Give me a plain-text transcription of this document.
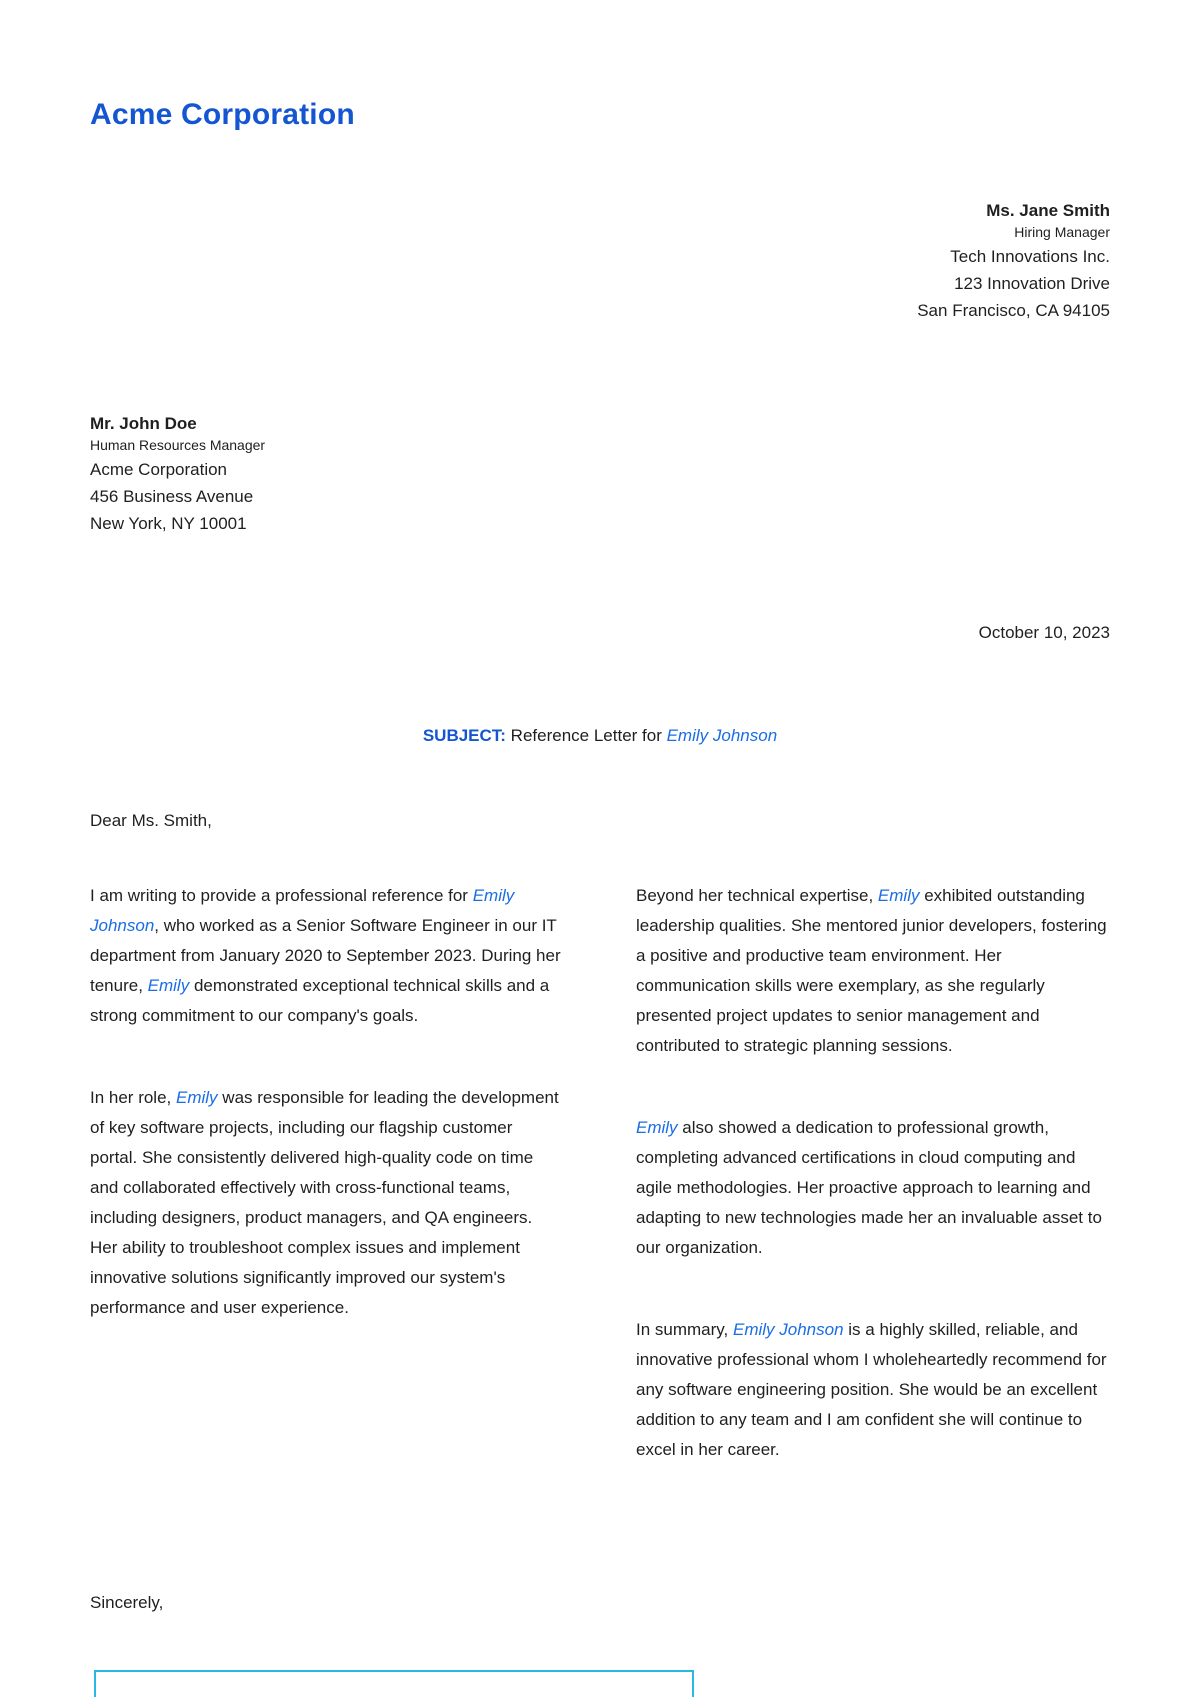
Acme Corporation
Ms. Jane Smith
Hiring Manager
Tech Innovations Inc.
123 Innovation Drive
San Francisco, CA 94105
Mr. John Doe
Human Resources Manager
Acme Corporation
456 Business Avenue
New York, NY 10001
October 10, 2023
SUBJECT: Reference Letter for Emily Johnson
Dear Ms. Smith,

I am writing to provide a professional reference for Emily Johnson, who worked as a Senior Software Engineer in our IT department from January 2020 to September 2023. During her tenure, Emily demonstrated exceptional technical skills and a strong commitment to our company's goals.

In her role, Emily was responsible for leading the development of key software projects, including our flagship customer portal. She consistently delivered high-quality code on time and collaborated effectively with cross-functional teams, including designers, product managers, and QA engineers. Her ability to troubleshoot complex issues and implement innovative solutions significantly improved our system's performance and user experience.

Beyond her technical expertise, Emily exhibited outstanding leadership qualities. She mentored junior developers, fostering a positive and productive team environment. Her communication skills were exemplary, as she regularly presented project updates to senior management and contributed to strategic planning sessions.

Emily also showed a dedication to professional growth, completing advanced certifications in cloud computing and agile methodologies. Her proactive approach to learning and adapting to new technologies made her an invaluable asset to our organization.

In summary, Emily Johnson is a highly skilled, reliable, and innovative professional whom I wholeheartedly recommend for any software engineering position. She would be an excellent addition to any team and I am confident she will continue to excel in her career.

Sincerely,
